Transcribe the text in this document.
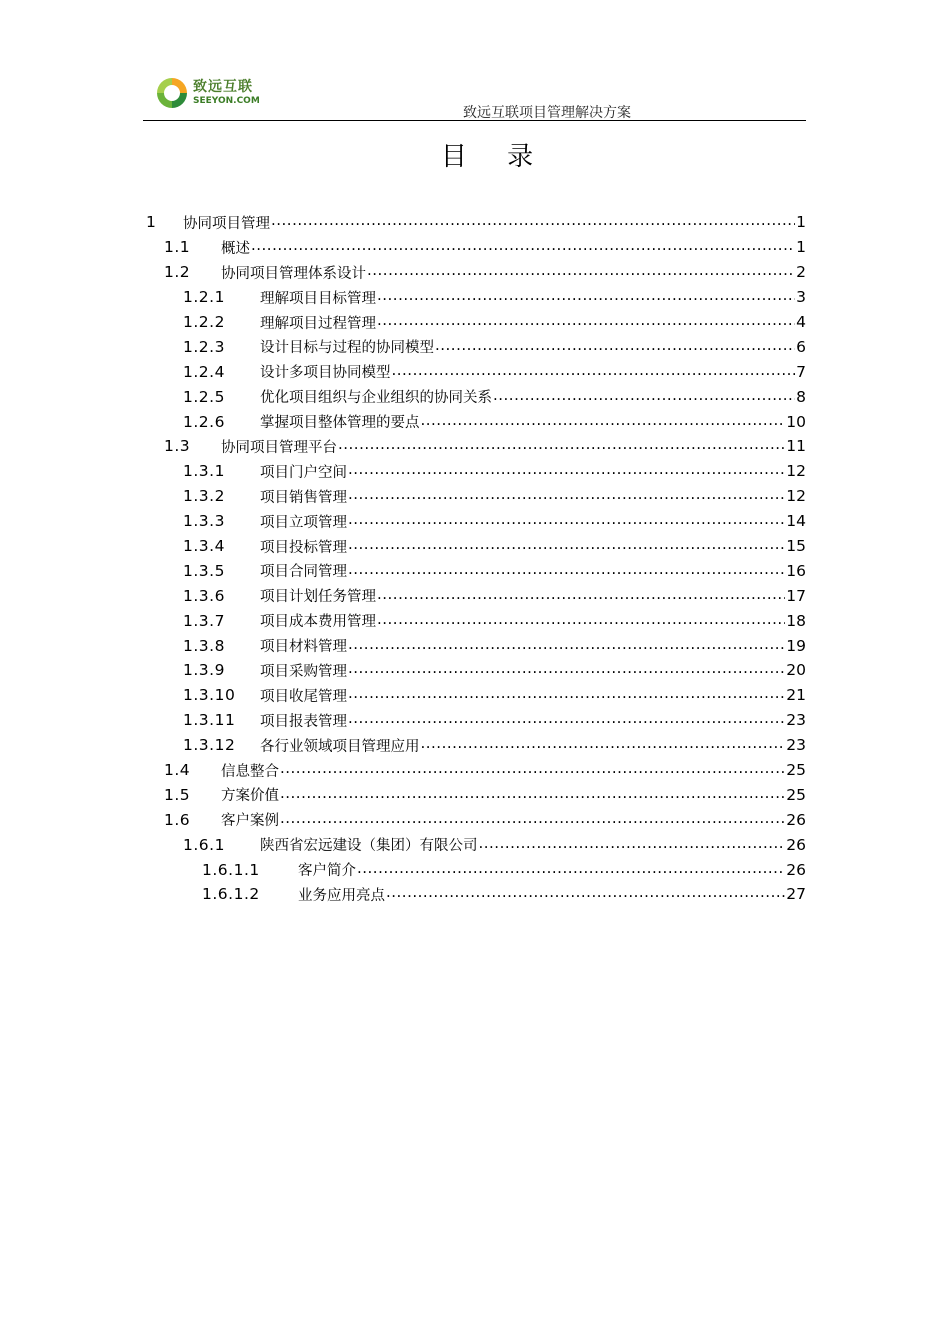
致远互联
SEEYON.COM
致远互联项目管理解决方案
目 录
1	协同项目管理 .....	1
1.1	概述 .....	1
1.2	协同项目管理体系设计 .....	2
1.2.1	理解项目目标管理 .....	3
1.2.2	理解项目过程管理 .....	4
1.2.3	设计目标与过程的协同模型 .....	6
1.2.4	设计多项目协同模型 .....	7
1.2.5	优化项目组织与企业组织的协同关系 .....	8
1.2.6	掌握项目整体管理的要点 .....	10
1.3	协同项目管理平台 .....	11
1.3.1	项目门户空间 .....	12
1.3.2	项目销售管理 .....	12
1.3.3	项目立项管理 .....	14
1.3.4	项目投标管理 .....	15
1.3.5	项目合同管理 .....	16
1.3.6	项目计划任务管理 .....	17
1.3.7	项目成本费用管理 .....	18
1.3.8	项目材料管理 .....	19
1.3.9	项目采购管理 .....	20
1.3.10	项目收尾管理 .....	21
1.3.11	项目报表管理 .....	23
1.3.12	各行业领域项目管理应用 .....	23
1.4	信息整合 .....	25
1.5	方案价值 .....	25
1.6	客户案例 .....	26
1.6.1	陕西省宏远建设（集团）有限公司 .....	26
1.6.1.1	客户简介 .....	26
1.6.1.2	业务应用亮点 .....	27
